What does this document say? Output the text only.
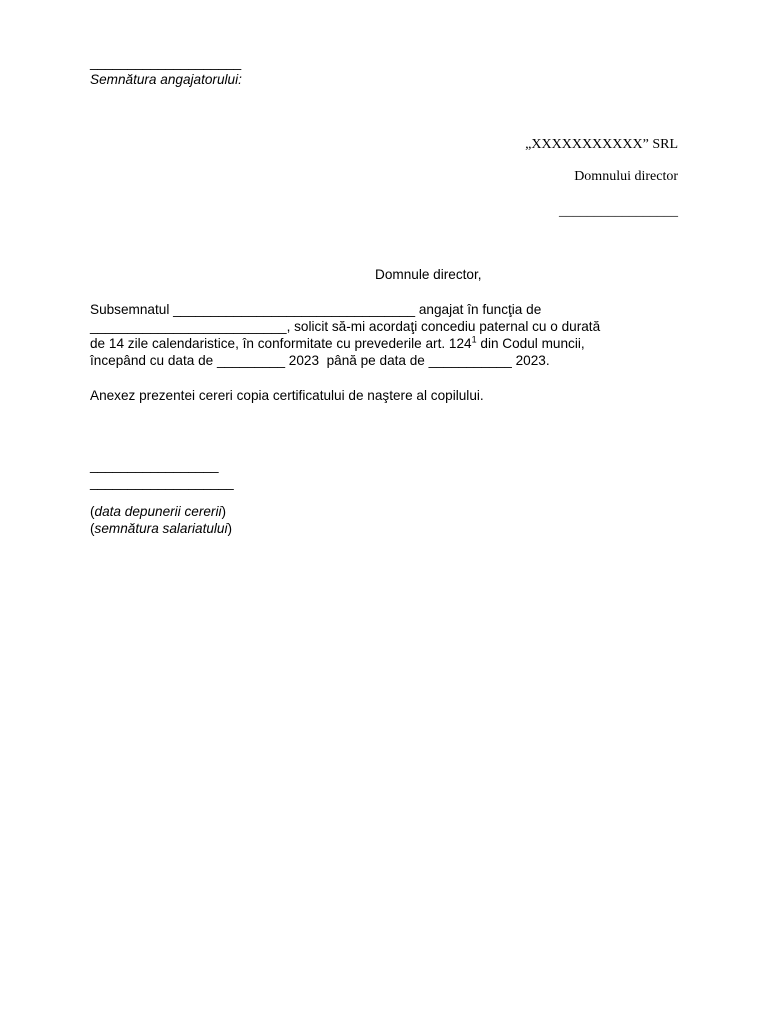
____________________
Semnătura angajatorului:
„XXXXXXXXXXX” SRL
Domnului director
_________________
Domnule director,
Subsemnatul ________________________________ angajat în funcţia de
__________________________, solicit să-mi acordaţi concediu paternal cu o durată
de 14 zile calendaristice, în conformitate cu prevederile art. $124^1$ din Codul muncii,
începând cu data de _________ 2023  până pe data de ___________ 2023.
Anexez prezentei cereri copia certificatului de naştere al copilului.
_________________
___________________
(data depunerii cererii)
(semnătura salariatului)
